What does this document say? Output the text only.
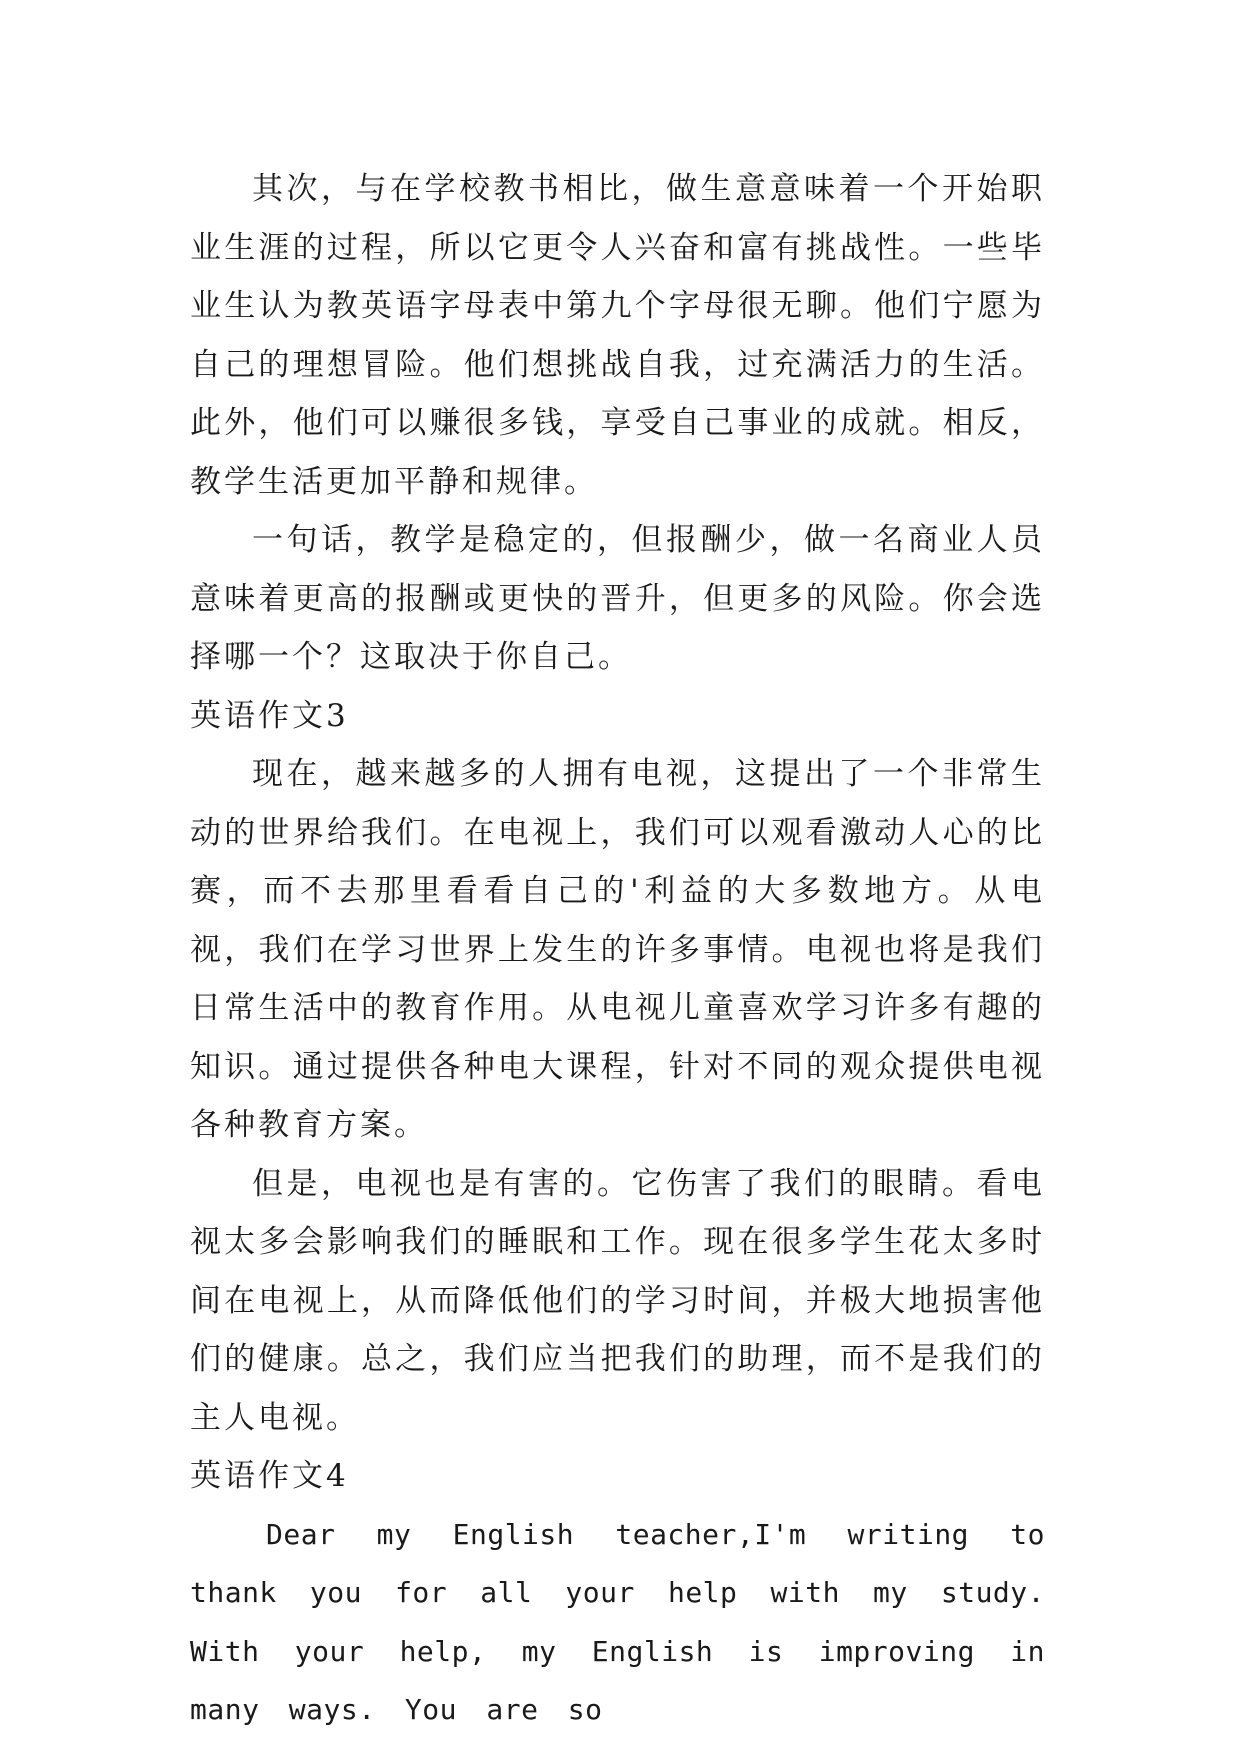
其次，与在学校教书相比，做生意意味着一个开始职业生涯的过程，所以它更令人兴奋和富有挑战性。一些毕业生认为教英语字母表中第九个字母很无聊。他们宁愿为自己的理想冒险。他们想挑战自我，过充满活力的生活。此外，他们可以赚很多钱，享受自己事业的成就。相反，教学生活更加平静和规律。

一句话，教学是稳定的，但报酬少，做一名商业人员意味着更高的报酬或更快的晋升，但更多的风险。你会选择哪一个？这取决于你自己。

英语作文3

现在，越来越多的人拥有电视，这提出了一个非常生动的世界给我们。在电视上，我们可以观看激动人心的比赛，而不去那里看看自己的'利益的大多数地方。从电视，我们在学习世界上发生的许多事情。电视也将是我们日常生活中的教育作用。从电视儿童喜欢学习许多有趣的知识。通过提供各种电大课程，针对不同的观众提供电视各种教育方案。

但是，电视也是有害的。它伤害了我们的眼睛。看电视太多会影响我们的睡眠和工作。现在很多学生花太多时间在电视上，从而降低他们的学习时间，并极大地损害他们的健康。总之，我们应当把我们的助理，而不是我们的主人电视。

英语作文4

Dear my English teacher,I'm writing to thank you for all your help with my study. With your help, my English is improving in many ways. You are so
